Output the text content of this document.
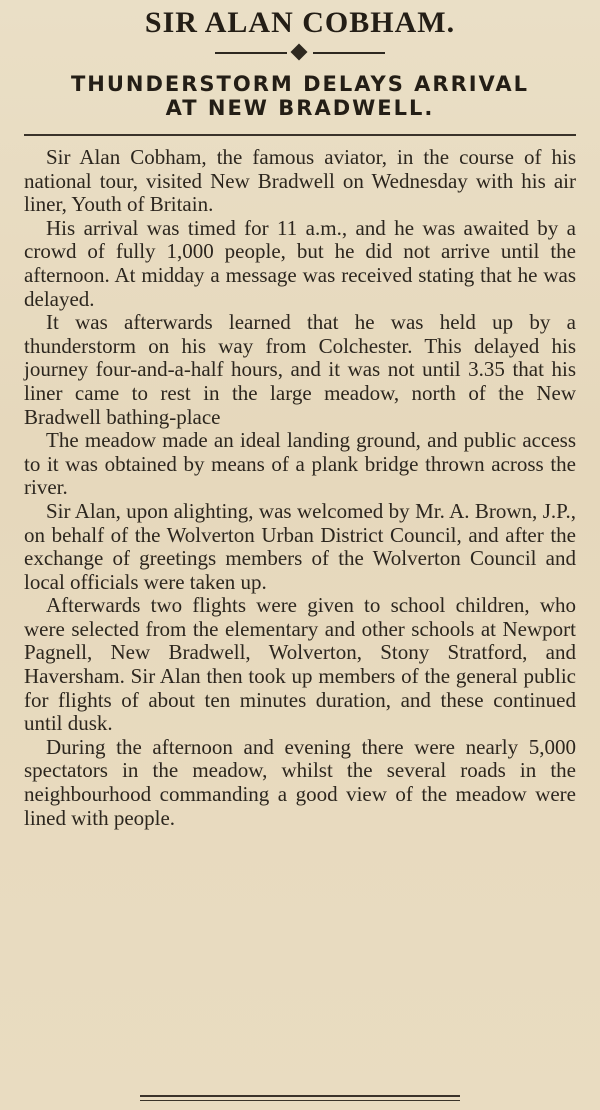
SIR ALAN COBHAM.
THUNDERSTORM DELAYS ARRIVAL
AT NEW BRADWELL.

Sir Alan Cobham, the famous aviator, in the course of his national tour, visited New Bradwell on Wednesday with his air liner, Youth of Britain.

His arrival was timed for 11 a.m., and he was awaited by a crowd of fully 1,000 people, but he did not arrive until the afternoon. At midday a message was received stating that he was delayed.

It was afterwards learned that he was held up by a thunderstorm on his way from Colchester. This delayed his journey four-and-a-half hours, and it was not until 3.35 that his liner came to rest in the large meadow, north of the New Bradwell bathing-place

The meadow made an ideal landing ground, and public access to it was obtained by means of a plank bridge thrown across the river.

Sir Alan, upon alighting, was welcomed by Mr. A. Brown, J.P., on behalf of the Wolverton Urban District Council, and after the exchange of greetings members of the Wolverton Council and local officials were taken up.

Afterwards two flights were given to school children, who were selected from the elementary and other schools at Newport Pagnell, New Bradwell, Wolverton, Stony Stratford, and Haversham. Sir Alan then took up members of the general public for flights of about ten minutes duration, and these continued until dusk.

During the afternoon and evening there were nearly 5,000 spectators in the meadow, whilst the several roads in the neighbourhood commanding a good view of the meadow were lined with people.
